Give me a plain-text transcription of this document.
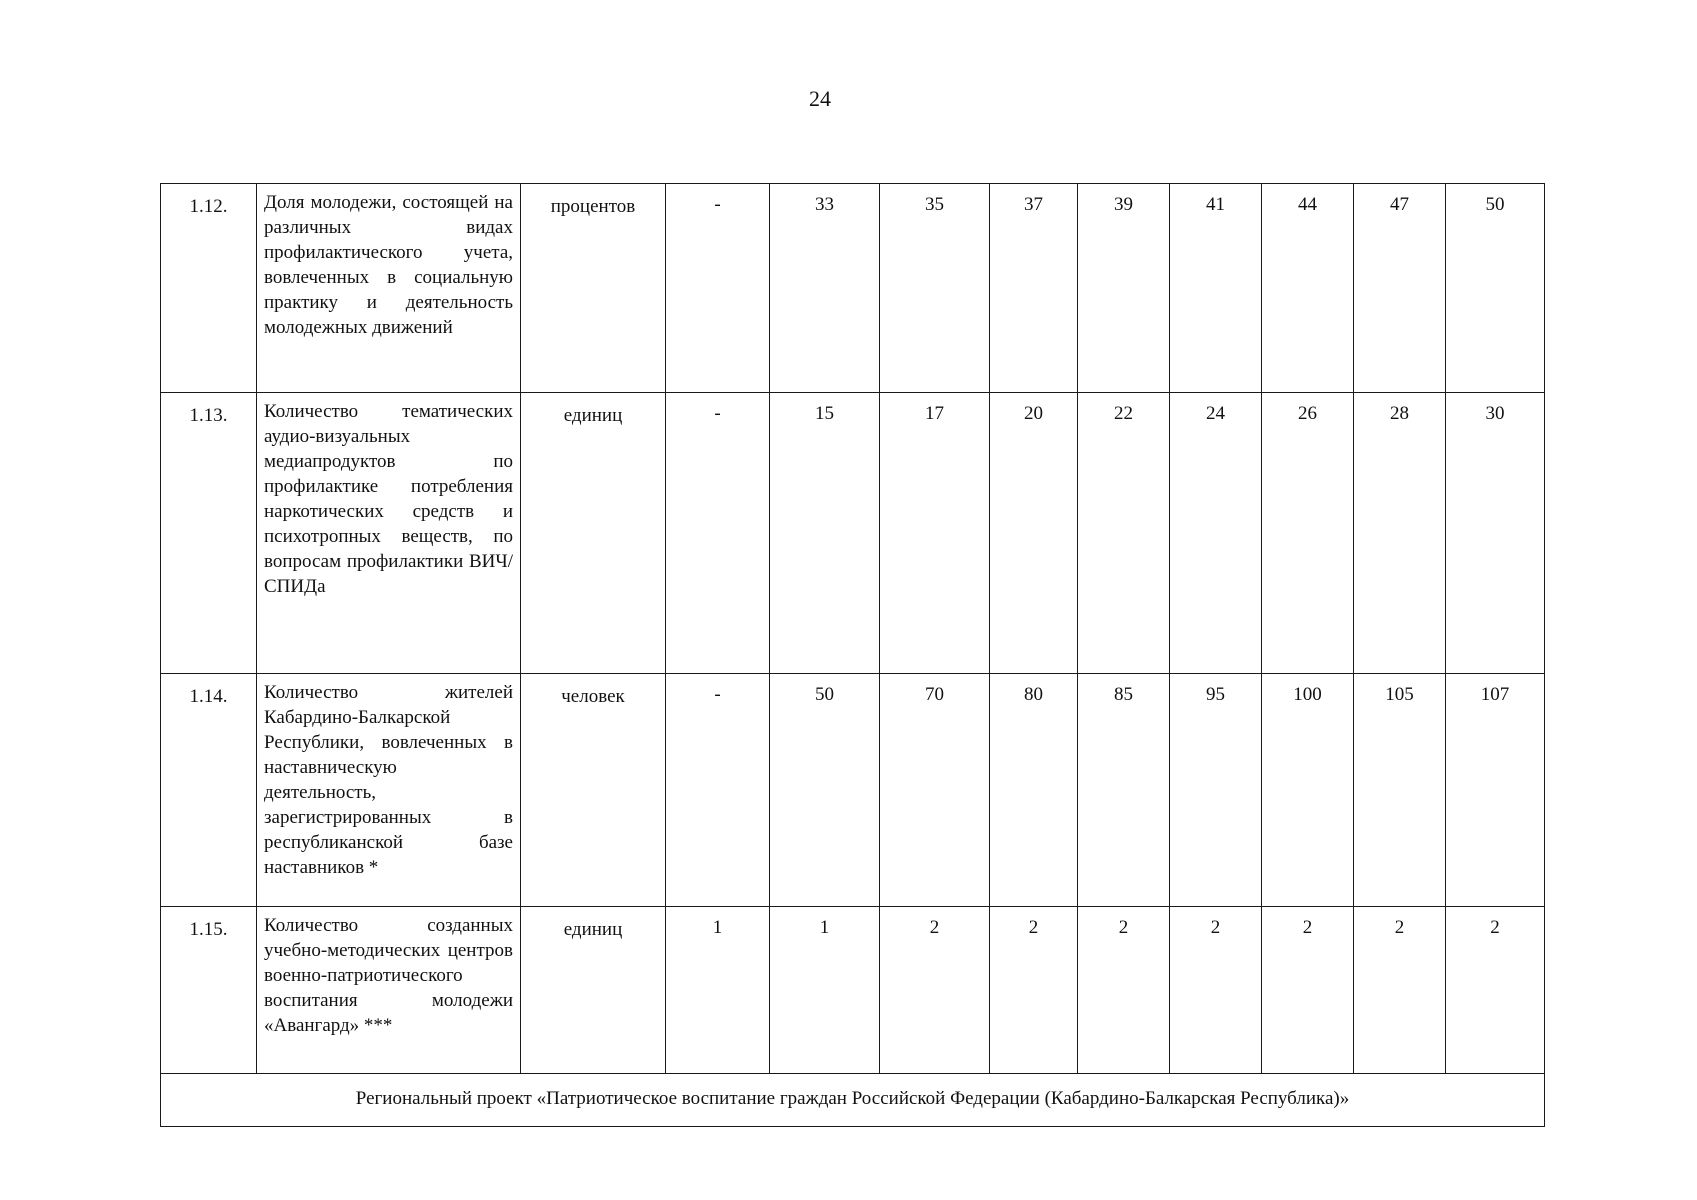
24
1.12.	Доля молодежи, состоящей на различных видах профилактического учета, вовлеченных в социальную практику и деятельность молодежных движений	процентов	-	33	35	37	39	41	44	47	50
1.13.	Количество тематических аудио-визуальных медиапродуктов по профилактике потребления наркотических средств и психотропных веществ, по вопросам профилактики ВИЧ/СПИДа	единиц	-	15	17	20	22	24	26	28	30
1.14.	Количество жителей Кабардино-Балкарской Республики, вовлеченных в наставническую деятельность, зарегистрированных в республиканской базе наставников *	человек	-	50	70	80	85	95	100	105	107
1.15.	Количество созданных учебно-методических центров военно-патриотического воспитания молодежи «Авангард» ***	единиц	1	1	2	2	2	2	2	2	2
Региональный проект «Патриотическое воспитание граждан Российской Федерации (Кабардино-Балкарская Республика)»											
